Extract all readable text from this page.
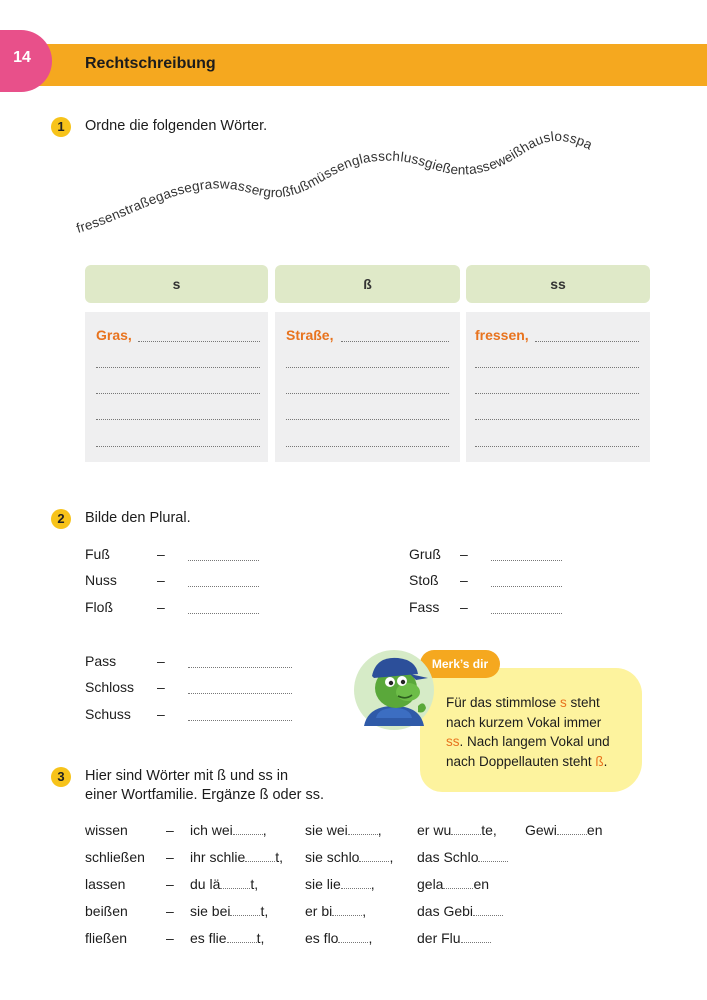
14	Rechtschreibung
1	Ordne die folgenden Wörter.
fressenstraßegassegraswassergroßfußmüssenglasschlussgießentasseweißhauslosspaß
s	ß	ss
Gras,	Straße,	fressen,
2	Bilde den Plural.
Fuß	–
Nuss	–
Floß	–
Gruß –
Stoß –
Fass –
Pass	–
Schloss –
Schuss –
Merk’s dir
Für das stimmlose s steht
nach kurzem Vokal immer
ss. Nach langem Vokal und
nach Doppellauten steht ß.
3	Hier sind Wörter mit ß und ss in
einer Wortfamilie. Ergänze ß oder ss.
wissen	– ich wei ,	sie wei ,	er wu te, Gewi en
schließen – ihr schlie t, sie schlo , das Schlo
lassen	– du lä t,	sie lie ,	gela en
beißen	– sie bei t,	er bi ,	das Gebi
fließen	– es flie t,	es flo ,	der Flu
